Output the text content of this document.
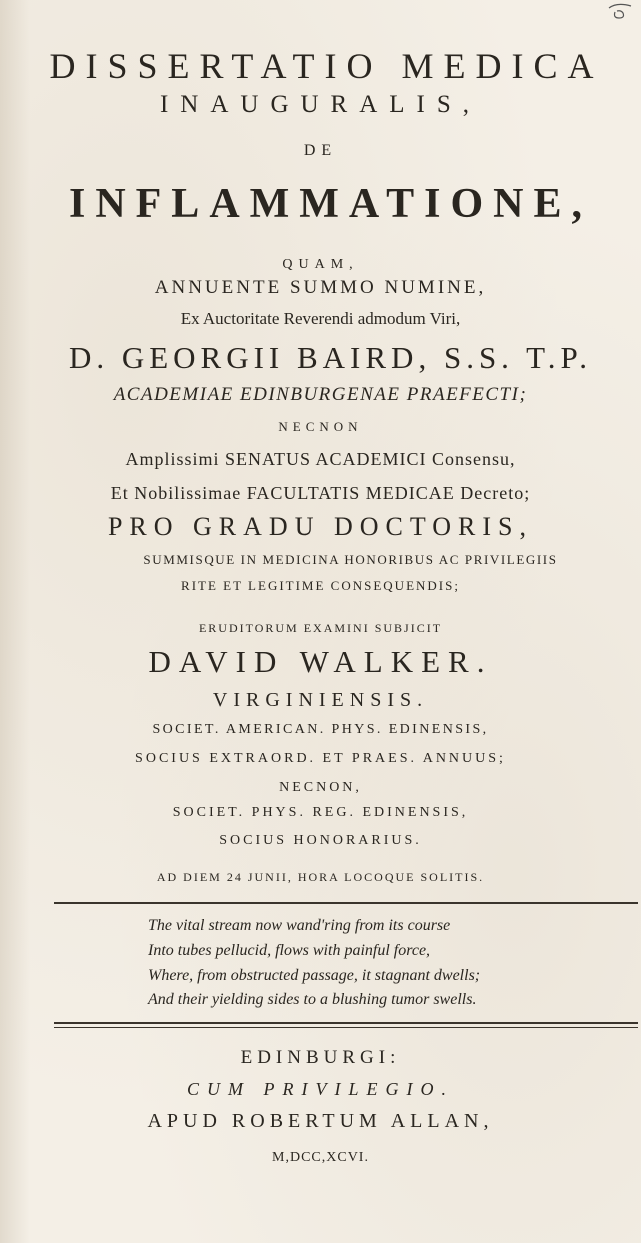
DISSERTATIO MEDICA
INAUGURALIS,
DE
INFLAMMATIONE,
QUAM,
ANNUENTE SUMMO NUMINE,
Ex Auctoritate Reverendi admodum Viri,
D. GEORGII BAIRD, S.S. T.P.
ACADEMIAE EDINBURGENAE PRAEFECTI;
NECNON
Amplissimi SENATUS ACADEMICI Consensu,
Et Nobilissimae FACULTATIS MEDICAE Decreto;
PRO GRADU DOCTORIS,
SUMMISQUE IN MEDICINA HONORIBUS AC PRIVILEGIIS
RITE ET LEGITIME CONSEQUENDIS;
ERUDITORUM EXAMINI SUBJICIT
DAVID WALKER.
VIRGINIENSIS.
SOCIET. AMERICAN. PHYS. EDINENSIS,
SOCIUS EXTRAORD. ET PRAES. ANNUUS;
NECNON,
SOCIET. PHYS. REG. EDINENSIS,
SOCIUS HONORARIUS.
AD DIEM 24 JUNII, HORA LOCOQUE SOLITIS.
The vital stream now wand'ring from its course
Into tubes pellucid, flows with painful force,
Where, from obstructed passage, it stagnant dwells;
And their yielding sides to a blushing tumor swells.
EDINBURGI:
CUM PRIVILEGIO.
APUD ROBERTUM ALLAN,
M,DCC,XCVI.
